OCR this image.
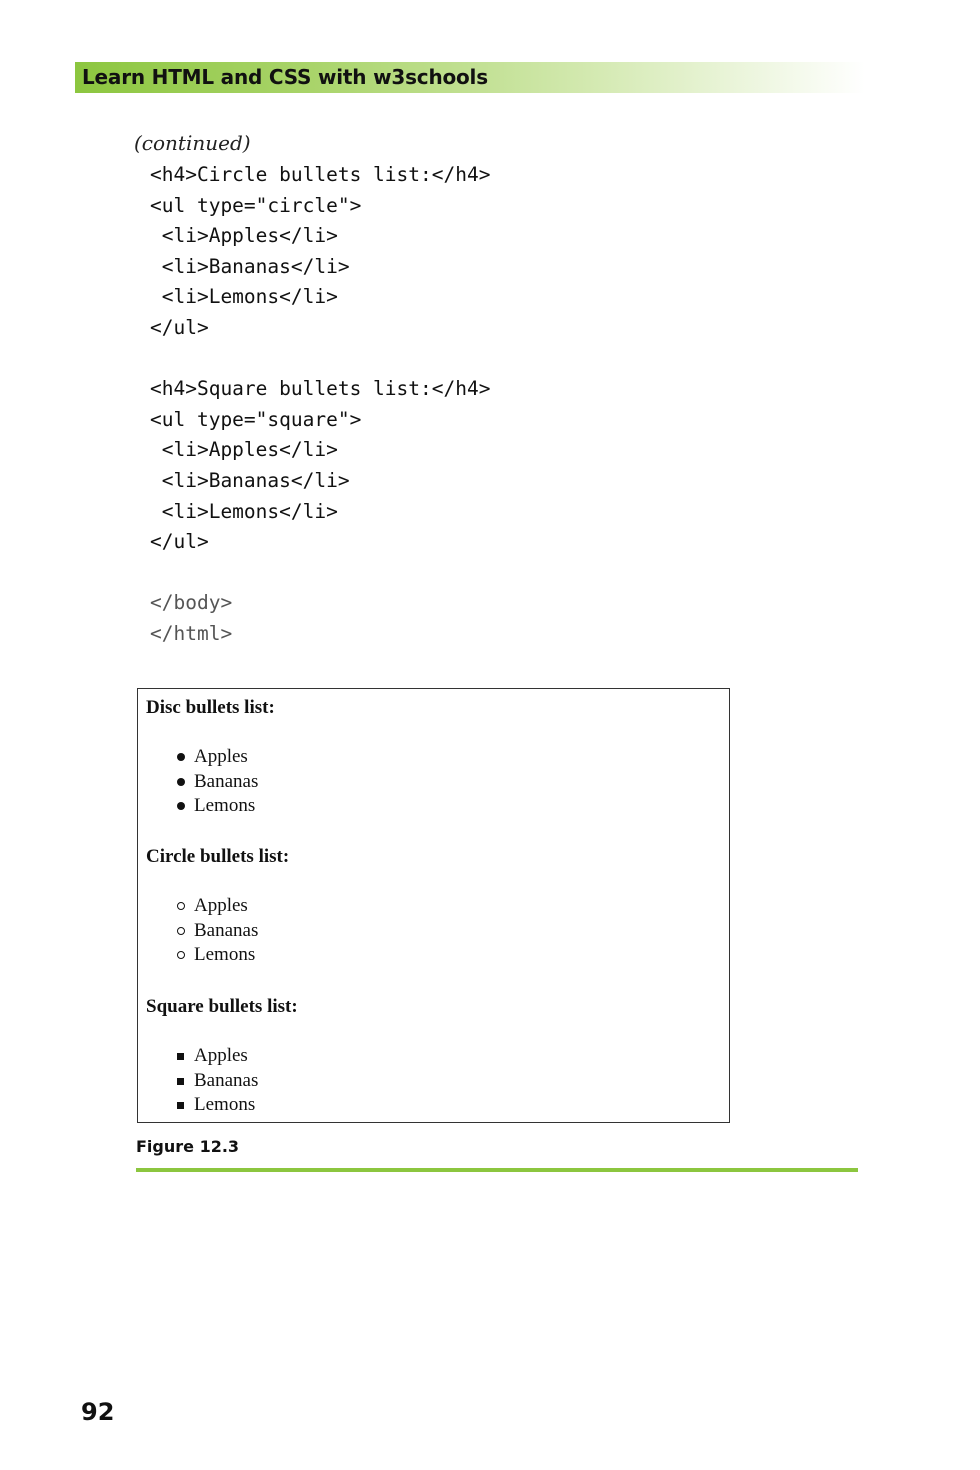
Learn HTML and CSS with w3schools
(continued)
<h4>Circle bullets list:</h4>
<ul type="circle">
<li>Apples</li>
<li>Bananas</li>
<li>Lemons</li>
</ul>
<h4>Square bullets list:</h4>
<ul type="square">
<li>Apples</li>
<li>Bananas</li>
<li>Lemons</li>
</ul>
</body>
</html>
Disc bullets list:
Apples
Bananas
Lemons
Circle bullets list:
Apples
Bananas
Lemons
Square bullets list:
Apples
Bananas
Lemons
Figure 12.3
92
